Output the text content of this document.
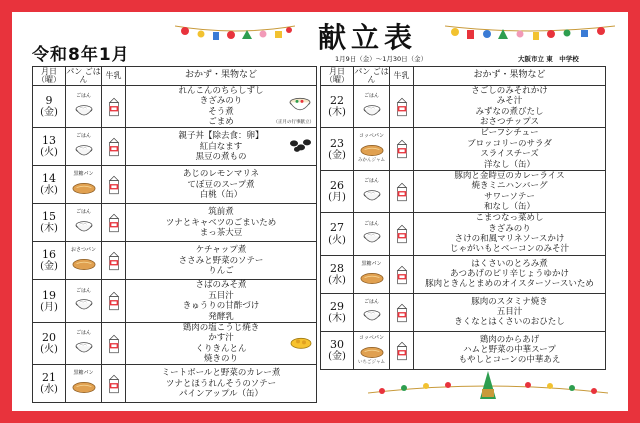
令和8年1月
献立表
1月9日（金）～1月30日（金）	大阪市立 東　中学校
月日（曜）	パン ごはん	牛乳	おかず・果物など

9
(金)	ごはん		れんこんのちらしずし
きざみのり
そう煮
ごまめ （正月の行事献立）

13
(火)	ごはん		親子丼【除去食：卵】
紅白なます
黒豆の煮もの

14
(水)	黒糖パン		あじのレモンマリネ
てぼ豆のスープ煮
白桃（缶）

15
(木)	ごはん		筑前煮
ツナとキャベツのごまいため
まっ茶大豆

16
(金)	おさつパン		ケチャップ煮
ささみと野菜のソテー
りんご

19
(月)	ごはん		さばのみそ煮
五目汁
きゅうりの甘酢づけ
発酵乳

20
(火)	ごはん		鶏肉の塩こうじ焼き
かす汁
くりきんとん
焼きのり

21
(水)	黒糖パン		ミートボールと野菜のカレー煮
ツナとほうれんそうのソテー
パインアップル（缶）
月日（曜）	パン ごはん	牛乳	おかず・果物など

22
(木)	ごはん		さごしのみそれかけ
みそ汁
みずなの煮びたし
おさつチップス

23
(金)	コッペパン
みかんジャム		ビーフシチュー
ブロッコリーのサラダ
スライスチーズ
洋なし（缶）

26
(月)	ごはん		豚肉と金時豆のカレーライス
焼きミニハンバーグ
サワーソテー
和なし（缶）

27
(火)	ごはん		こまつなっ菜めし
きざみのり
さけの和風マリネソースかけ
じゃがいもとベーコンのみそ汁

28
(水)	黒糖パン		はくさいのとろみ煮
あつあげのピリ辛じょうゆかけ
豚肉ときんとまめのオイスターソースいため

29
(木)	ごはん		豚肉のスタミナ焼き
五目汁
きくなとはくさいのおひたし

30
(金)	コッペパン
いちごジャム		鶏肉のからあげ
ハムと野菜の中華スープ
もやしとコーンの中華あえ
